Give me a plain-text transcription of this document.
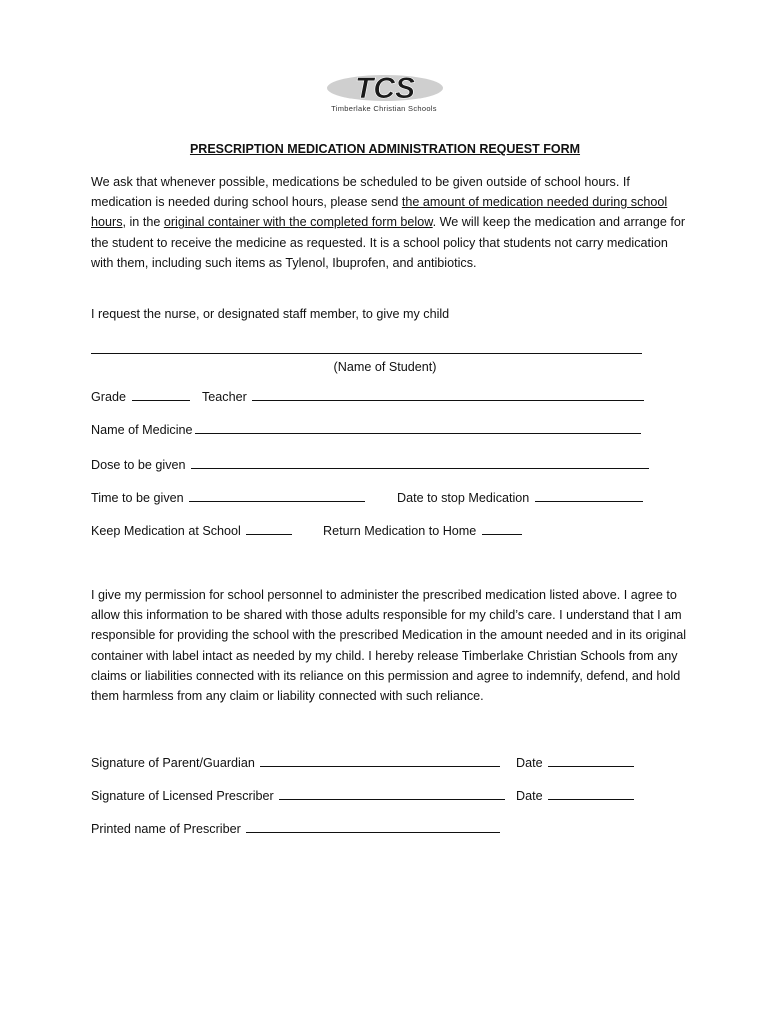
TCS
Timberlake Christian Schools
PRESCRIPTION MEDICATION ADMINISTRATION REQUEST FORM
We ask that whenever possible, medications be scheduled to be given outside of school hours. If medication is needed during school hours, please send the amount of medication needed during school hours, in the original container with the completed form below. We will keep the medication and arrange for the student to receive the medicine as requested. It is a school policy that students not carry medication with them, including such items as Tylenol, Ibuprofen, and antibiotics.
I request the nurse, or designated staff member, to give my child
(Name of Student)
Grade	Teacher
Name of Medicine
Dose to be given
Time to be given	Date to stop Medication
Keep Medication at School	Return Medication to Home
I give my permission for school personnel to administer the prescribed medication listed above. I agree to allow this information to be shared with those adults responsible for my child’s care. I understand that I am responsible for providing the school with the prescribed Medication in the amount needed and in its original container with label intact as needed by my child. I hereby release Timberlake Christian Schools from any claims or liabilities connected with its reliance on this permission and agree to indemnify, defend, and hold them harmless from any claim or liability connected with such reliance.
Signature of Parent/Guardian	Date
Signature of Licensed Prescriber	Date
Printed name of Prescriber
